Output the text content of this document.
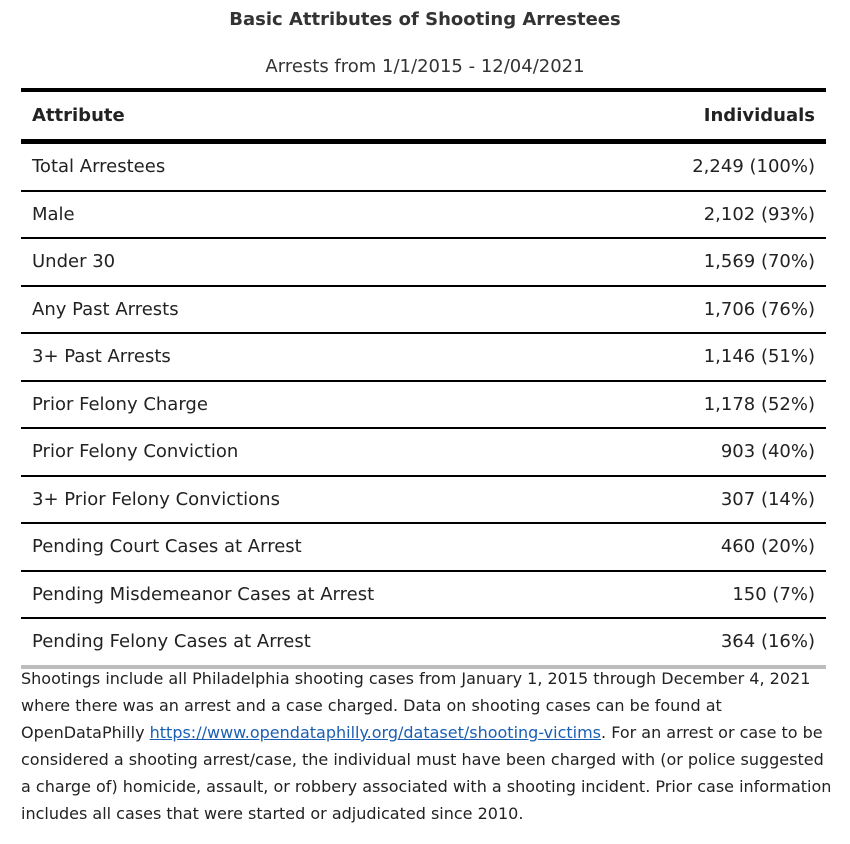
Basic Attributes of Shooting Arrestees
Arrests from 1/1/2015 - 12/04/2021
Attribute	Individuals
Total Arrestees	2,249 (100%)
Male	2,102 (93%)
Under 30	1,569 (70%)
Any Past Arrests	1,706 (76%)
3+ Past Arrests	1,146 (51%)
Prior Felony Charge	1,178 (52%)
Prior Felony Conviction	903 (40%)
3+ Prior Felony Convictions	307 (14%)
Pending Court Cases at Arrest	460 (20%)
Pending Misdemeanor Cases at Arrest	150 (7%)
Pending Felony Cases at Arrest	364 (16%)
Shootings include all Philadelphia shooting cases from January 1, 2015 through December 4, 2021 where there was an arrest and a case charged. Data on shooting cases can be found at OpenDataPhilly https://www.opendataphilly.org/dataset/shooting-victims. For an arrest or case to be considered a shooting arrest/case, the individual must have been charged with (or police suggested a charge of) homicide, assault, or robbery associated with a shooting incident. Prior case information includes all cases that were started or adjudicated since 2010.
